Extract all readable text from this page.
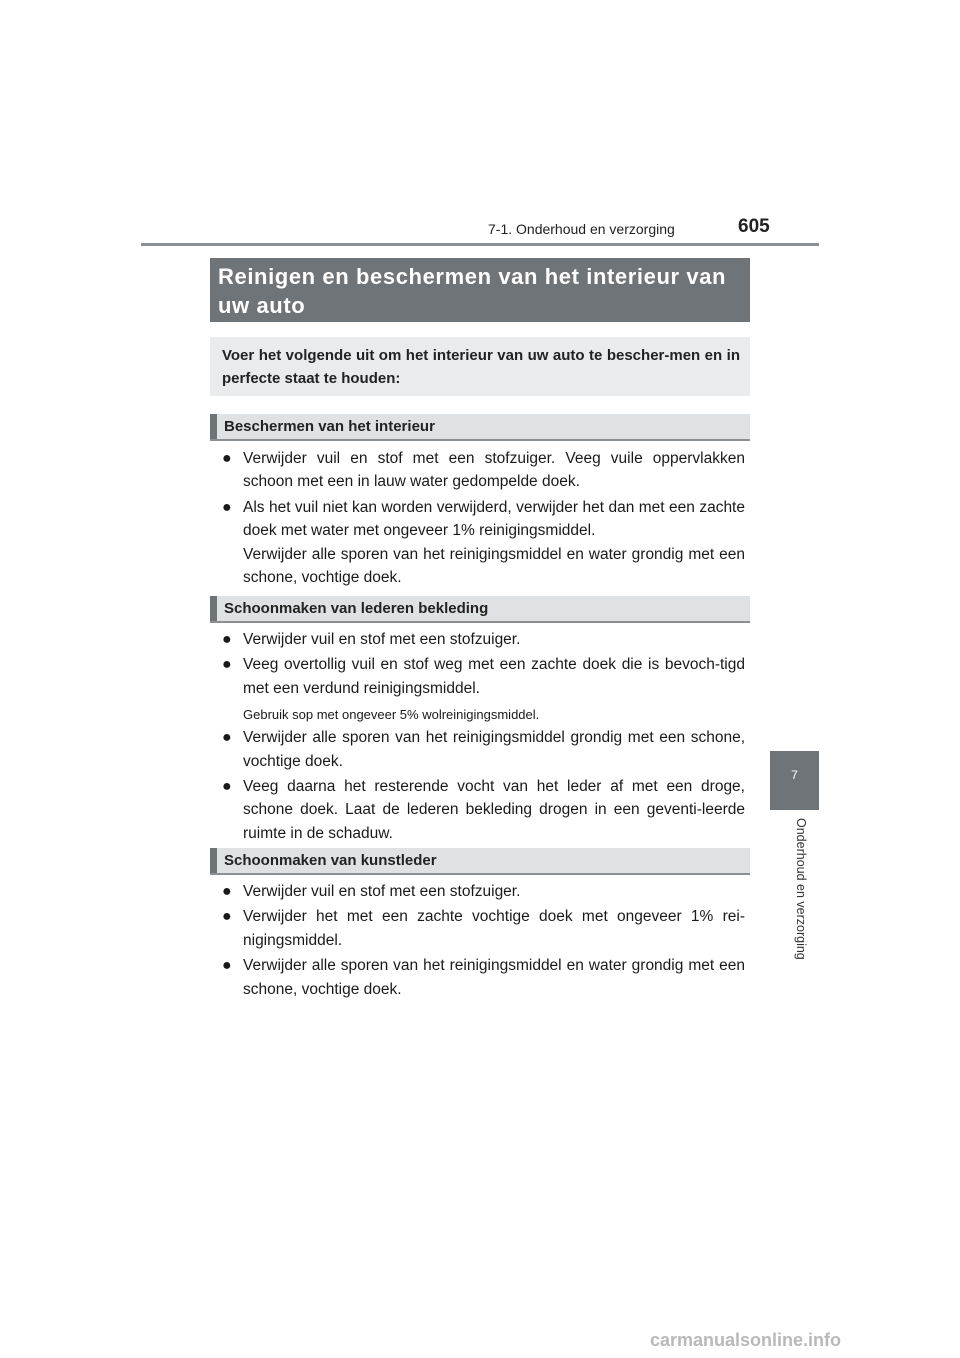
7-1. Onderhoud en verzorging	605
Reinigen en beschermen van het interieur van uw auto
Voer het volgende uit om het interieur van uw auto te bescher-men en in perfecte staat te houden:
Beschermen van het interieur
● Verwijder vuil en stof met een stofzuiger. Veeg vuile oppervlakken schoon met een in lauw water gedompelde doek.
● Als het vuil niet kan worden verwijderd, verwijder het dan met een zachte doek met water met ongeveer 1% reinigingsmiddel.
Verwijder alle sporen van het reinigingsmiddel en water grondig met een schone, vochtige doek.
Schoonmaken van lederen bekleding
● Verwijder vuil en stof met een stofzuiger.
● Veeg overtollig vuil en stof weg met een zachte doek die is bevoch-tigd met een verdund reinigingsmiddel.
Gebruik sop met ongeveer 5% wolreinigingsmiddel.
● Verwijder alle sporen van het reinigingsmiddel grondig met een schone, vochtige doek.
● Veeg daarna het resterende vocht van het leder af met een droge, schone doek. Laat de lederen bekleding drogen in een geventi-leerde ruimte in de schaduw.
Schoonmaken van kunstleder
● Verwijder vuil en stof met een stofzuiger.
● Verwijder het met een zachte vochtige doek met ongeveer 1% rei-nigingsmiddel.
● Verwijder alle sporen van het reinigingsmiddel en water grondig met een schone, vochtige doek.
7
Onderhoud en verzorging
carmanualsonline.info
